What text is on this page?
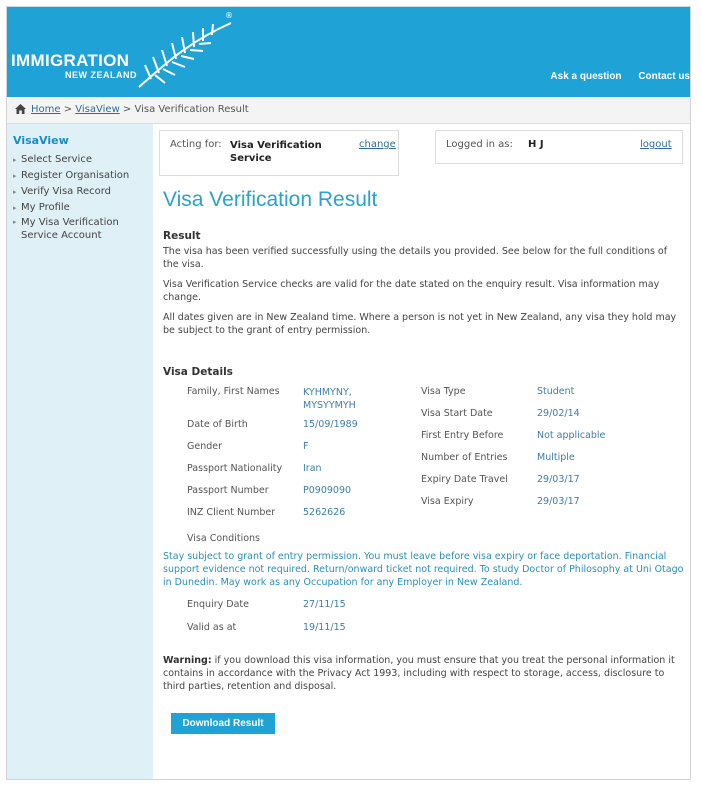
IMMIGRATION
NEW ZEALAND
®
Ask a question Contact us
Home > VisaView > Visa Verification Result
VisaView
▸ Select Service
▸ Register Organisation
▸ Verify Visa Record
▸ My Profile
▸ My Visa Verification Service Account
Acting for: Visa Verification Service
change	Logged in as: H J	logout
Visa Verification Result
Result
The visa has been verified successfully using the details you provided. See below for the full conditions of the visa.
Visa Verification Service checks are valid for the date stated on the enquiry result. Visa information may change.
All dates given are in New Zealand time. Where a person is not yet in New Zealand, any visa they hold may be subject to the grant of entry permission.
Visa Details
Family, First Names KYHMYNY, MYSYYMYH
Date of Birth	15/09/1989
Gender	F
Passport Nationality Iran
Passport Number	P0909090
INZ Client Number	5262626
Visa Type	Student
Visa Start Date	29/02/14
First Entry Before	Not applicable
Number of Entries	Multiple
Expiry Date Travel	29/03/17
Visa Expiry	29/03/17
Visa Conditions
Stay subject to grant of entry permission. You must leave before visa expiry or face deportation. Financial support evidence not required. Return/onward ticket not required. To study Doctor of Philosophy at Uni Otago in Dunedin. May work as any Occupation for any Employer in New Zealand.
Enquiry Date	27/11/15
Valid as at	19/11/15
Warning: if you download this visa information, you must ensure that you treat the personal information it contains in accordance with the Privacy Act 1993, including with respect to storage, access, disclosure to third parties, retention and disposal.
Download Result
